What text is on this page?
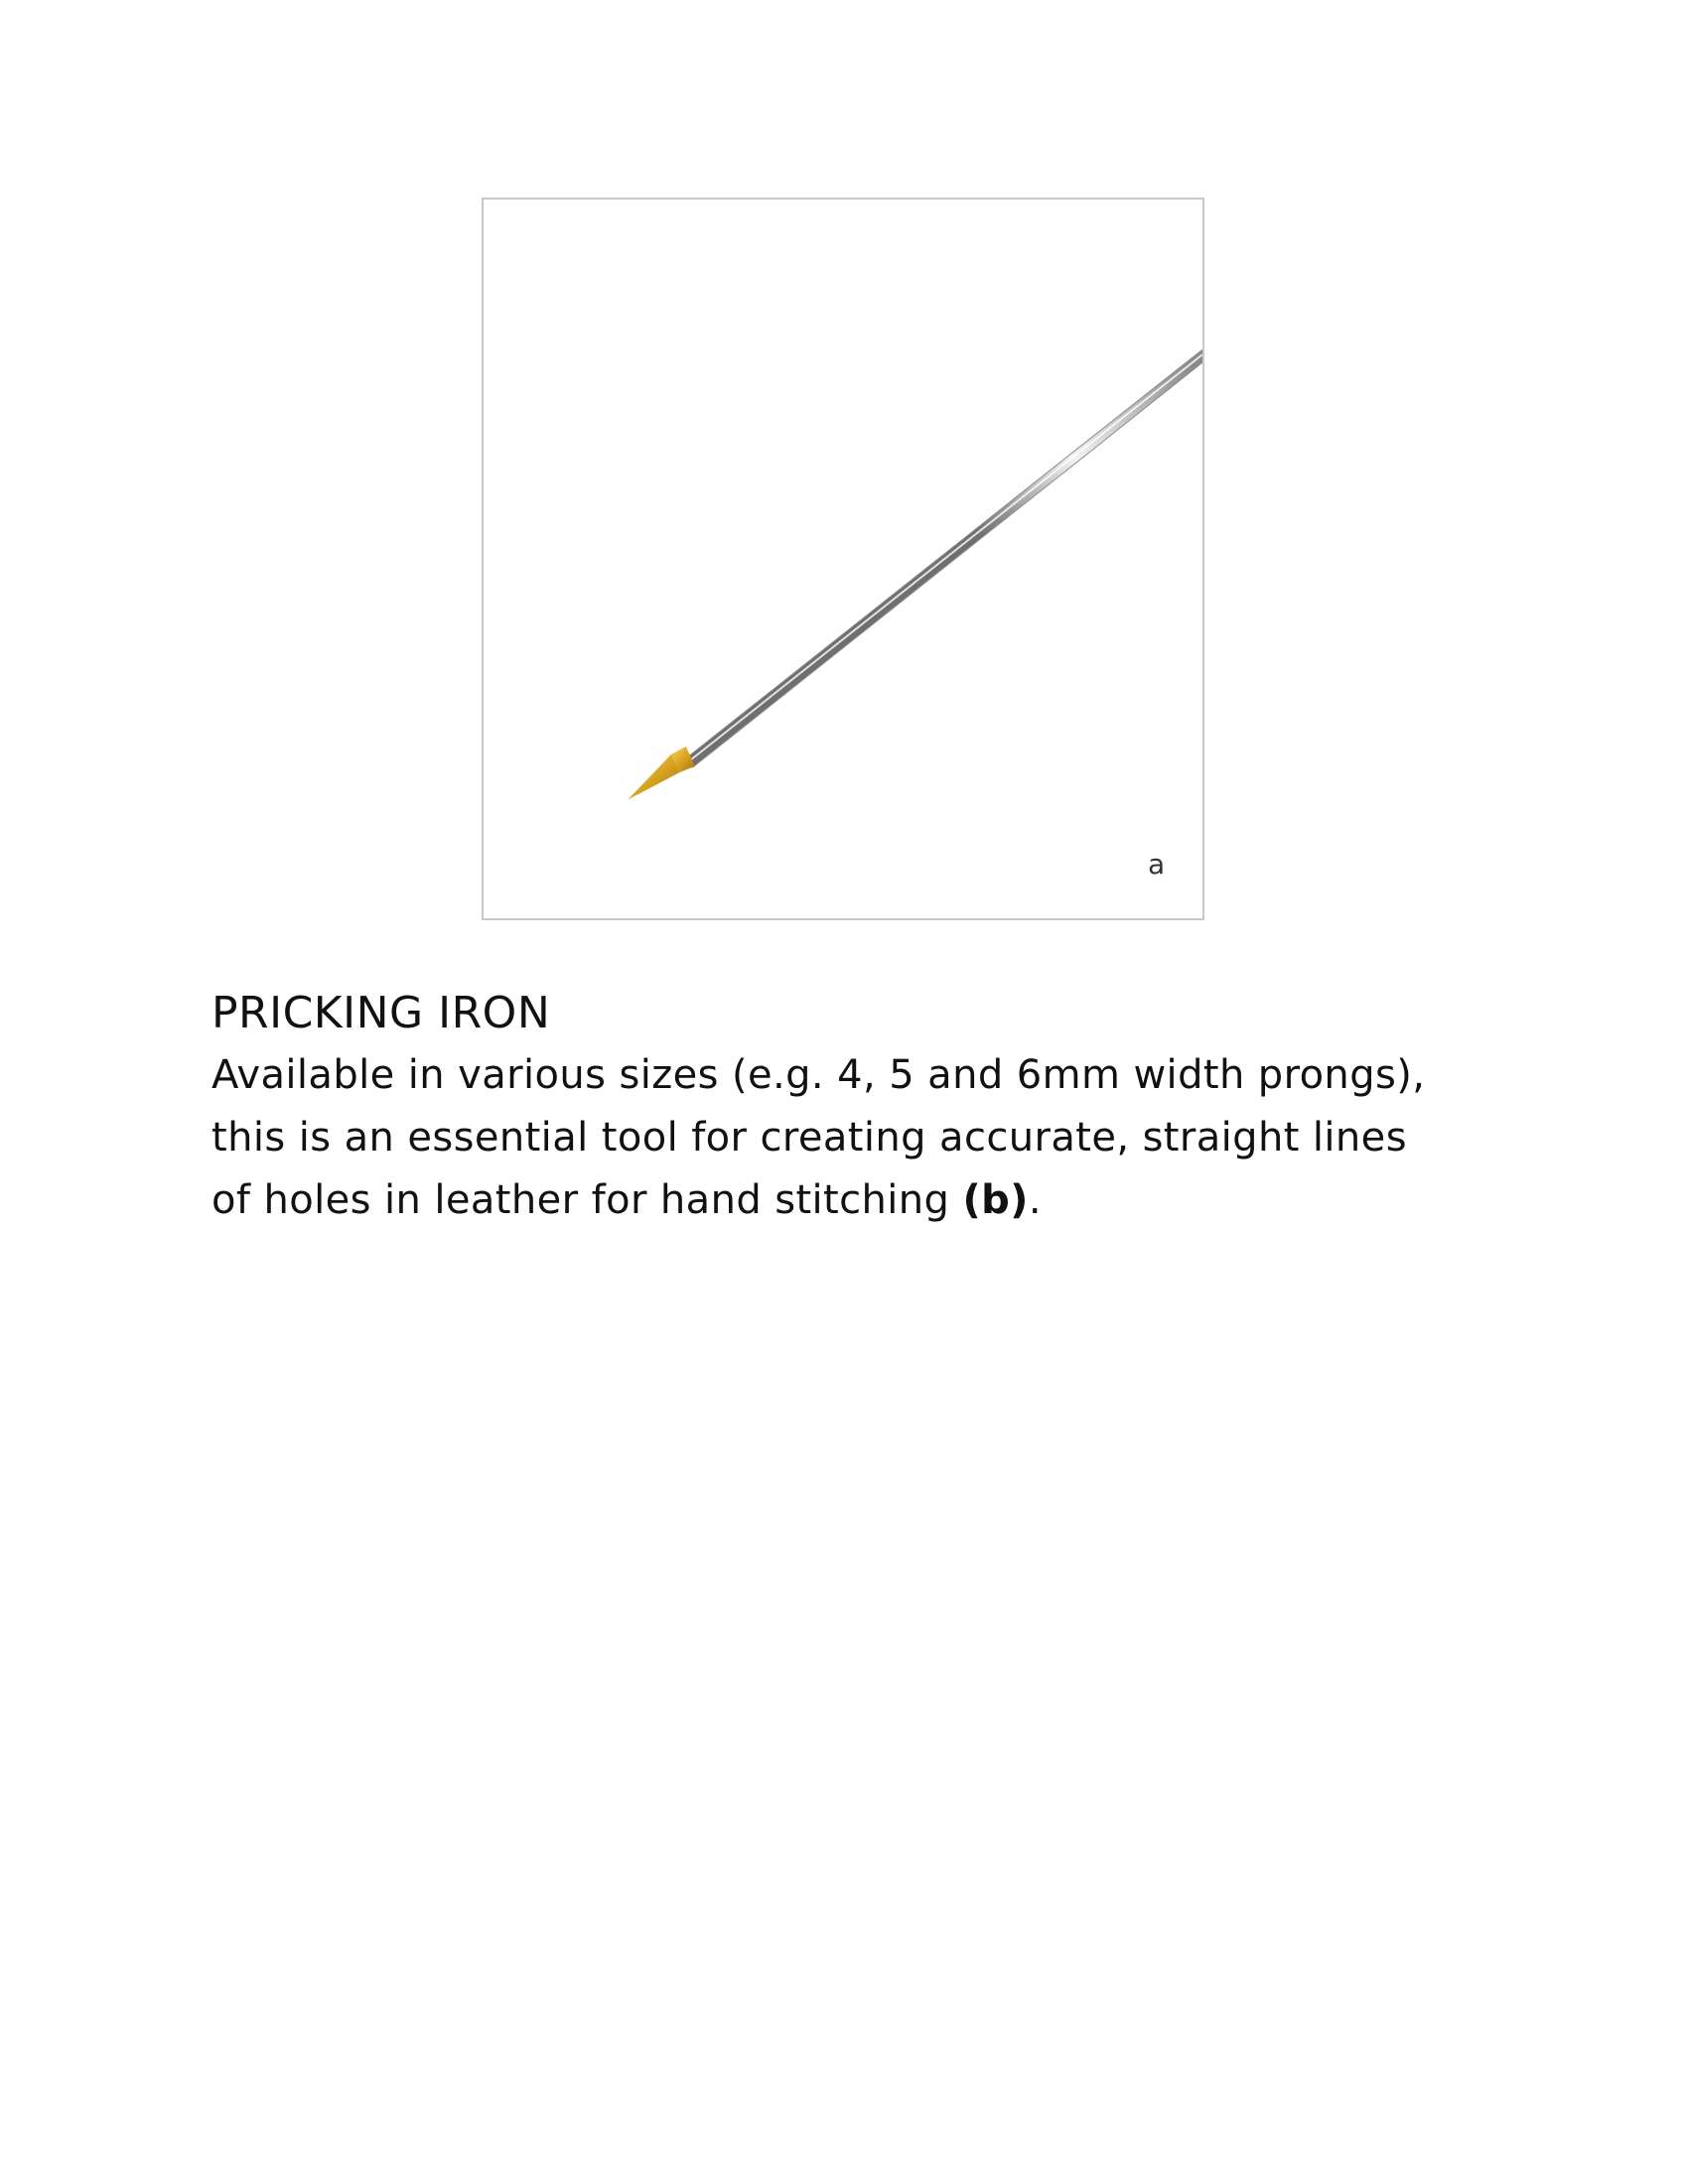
a
PRICKING IRON

Available in various sizes (e.g. 4, 5 and 6mm width prongs),
this is an essential tool for creating accurate, straight lines
of holes in leather for hand stitching (b).
